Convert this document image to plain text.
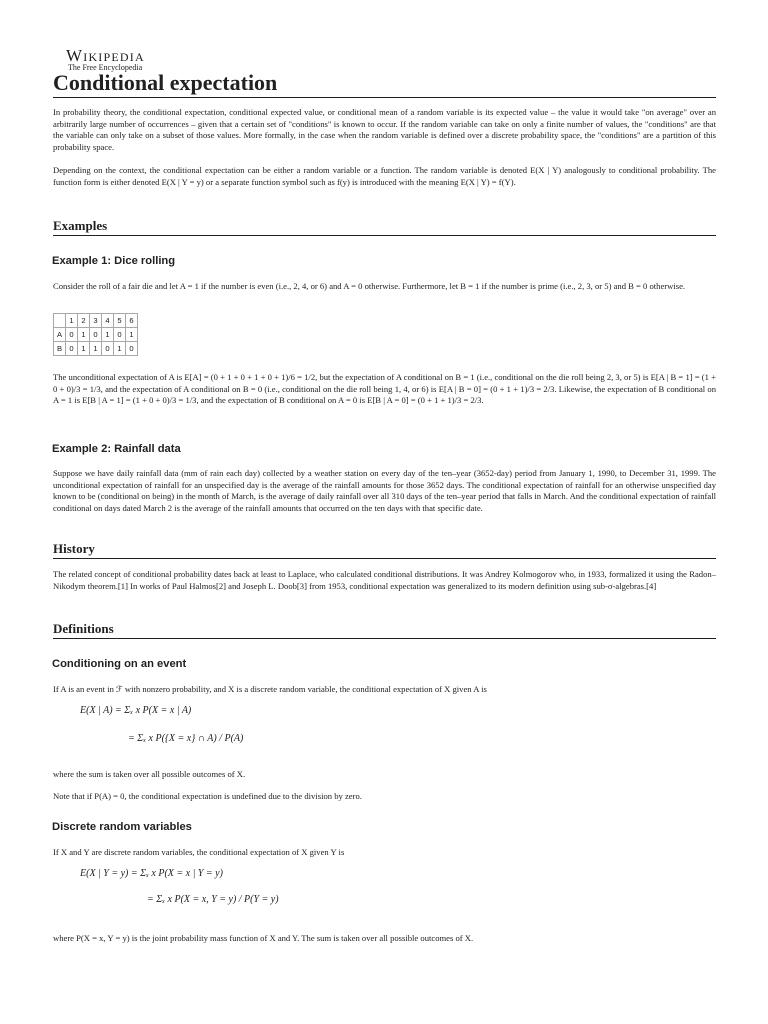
Wikipedia
The Free Encyclopedia
Conditional expectation

In probability theory, the conditional expectation, conditional expected value, or conditional mean of a random variable is its expected value – the value it would take "on average" over an arbitrarily large number of occurrences – given that a certain set of "conditions" is known to occur. If the random variable can take on only a finite number of values, the "conditions" are that the variable can only take on a subset of those values. More formally, in the case when the random variable is defined over a discrete probability space, the "conditions" are a partition of this probability space.

Depending on the context, the conditional expectation can be either a random variable or a function. The random variable is denoted E(X | Y) analogously to conditional probability. The function form is either denoted E(X | Y = y) or a separate function symbol such as f(y) is introduced with the meaning E(X | Y) = f(Y).

Examples
Example 1: Dice rolling

Consider the roll of a fair die and let A = 1 if the number is even (i.e., 2, 4, or 6) and A = 0 otherwise. Furthermore, let B = 1 if the number is prime (i.e., 2, 3, or 5) and B = 0 otherwise.

	1	2	3	4	5	6
A	0	1	0	1	0	1
B	0	1	1	0	1	0

The unconditional expectation of A is E[A] = (0 + 1 + 0 + 1 + 0 + 1)/6 = 1/2, but the expectation of A conditional on B = 1 (i.e., conditional on the die roll being 2, 3, or 5) is E[A | B = 1] = (1 + 0 + 0)/3 = 1/3, and the expectation of A conditional on B = 0 (i.e., conditional on the die roll being 1, 4, or 6) is E[A | B = 0] = (0 + 1 + 1)/3 = 2/3. Likewise, the expectation of B conditional on A = 1 is E[B | A = 1] = (1 + 0 + 0)/3 = 1/3, and the expectation of B conditional on A = 0 is E[B | A = 0] = (0 + 1 + 1)/3 = 2/3.

Example 2: Rainfall data

Suppose we have daily rainfall data (mm of rain each day) collected by a weather station on every day of the ten–year (3652-day) period from January 1, 1990, to December 31, 1999. The unconditional expectation of rainfall for an unspecified day is the average of the rainfall amounts for those 3652 days. The conditional expectation of rainfall for an otherwise unspecified day known to be (conditional on being) in the month of March, is the average of daily rainfall over all 310 days of the ten–year period that falls in March. And the conditional expectation of rainfall conditional on days dated March 2 is the average of the rainfall amounts that occurred on the ten days with that specific date.

History

The related concept of conditional probability dates back at least to Laplace, who calculated conditional distributions. It was Andrey Kolmogorov who, in 1933, formalized it using the Radon–Nikodym theorem.[1] In works of Paul Halmos[2] and Joseph L. Doob[3] from 1953, conditional expectation was generalized to its modern definition using sub-σ-algebras.[4]

Definitions
Conditioning on an event

If A is an event in ℱ with nonzero probability, and X is a discrete random variable, the conditional expectation of X given A is

E(X | A) = Σₓ x P(X = x | A)
= Σₓ x P({X = x} ∩ A) / P(A)

where the sum is taken over all possible outcomes of X.

Note that if P(A) = 0, the conditional expectation is undefined due to the division by zero.

Discrete random variables

If X and Y are discrete random variables, the conditional expectation of X given Y is

E(X | Y = y) = Σₓ x P(X = x | Y = y)
= Σₓ x P(X = x, Y = y) / P(Y = y)

where P(X = x, Y = y) is the joint probability mass function of X and Y. The sum is taken over all possible outcomes of X.
